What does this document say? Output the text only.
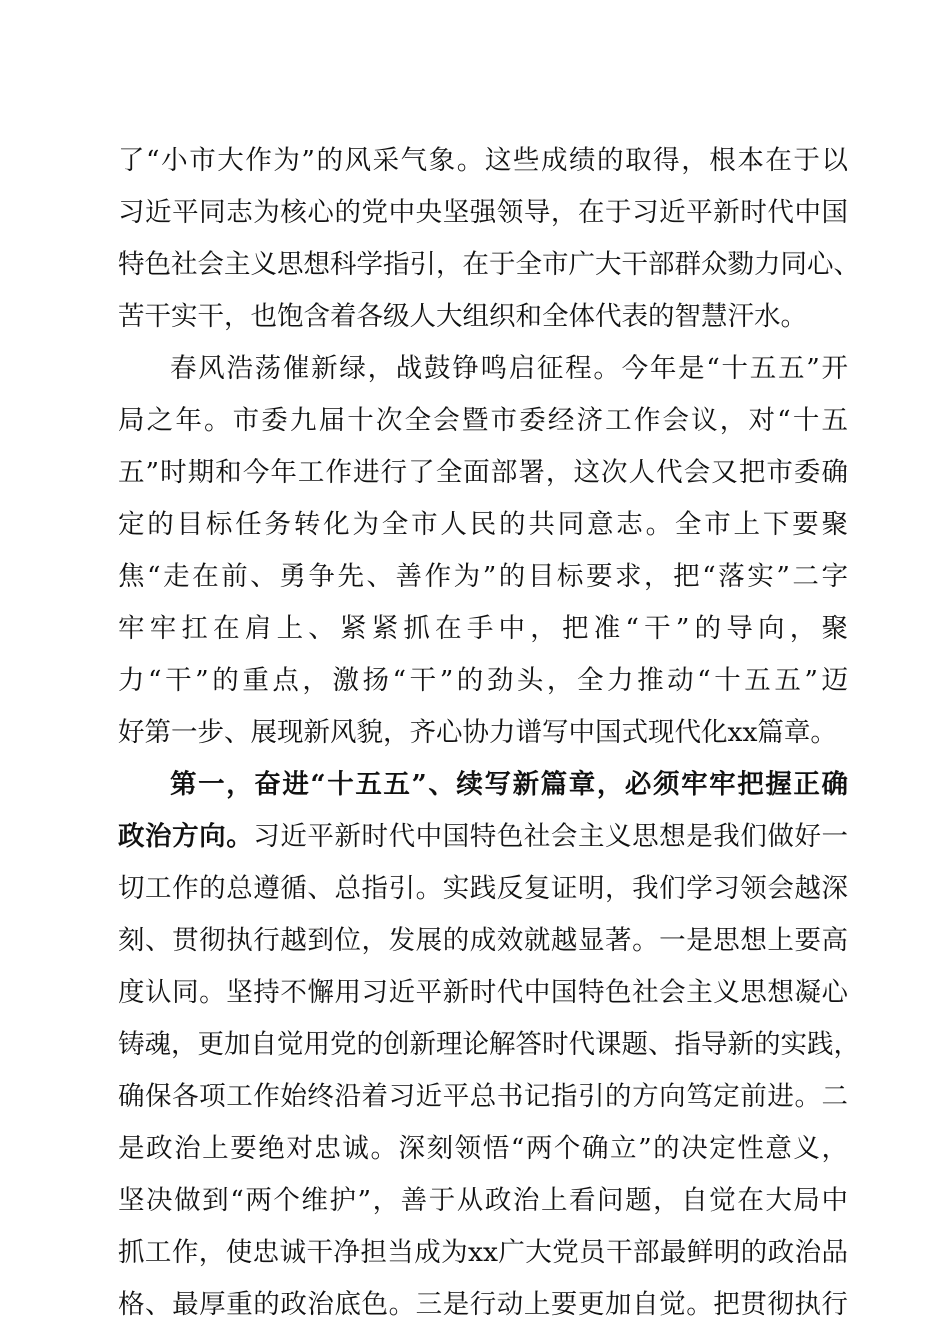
了“小市大作为”的风采气象。这些成绩的取得，根本在于以
习近平同志为核心的党中央坚强领导，在于习近平新时代中国
特色社会主义思想科学指引，在于全市广大干部群众勠力同心、
苦干实干，也饱含着各级人大组织和全体代表的智慧汗水。
春风浩荡催新绿，战鼓铮鸣启征程。今年是“十五五”开
局之年。市委九届十次全会暨市委经济工作会议，对“十五
五”时期和今年工作进行了全面部署，这次人代会又把市委确
定的目标任务转化为全市人民的共同意志。全市上下要聚
焦“走在前、勇争先、善作为”的目标要求，把“落实”二字
牢牢扛在肩上、紧紧抓在手中，把准“干”的导向，聚
力“干”的重点，激扬“干”的劲头，全力推动“十五五”迈
好第一步、展现新风貌，齐心协力谱写中国式现代化xx篇章。
第一，奋进“十五五”、续写新篇章，必须牢牢把握正确
政治方向。习近平新时代中国特色社会主义思想是我们做好一
切工作的总遵循、总指引。实践反复证明，我们学习领会越深
刻、贯彻执行越到位，发展的成效就越显著。一是思想上要高
度认同。坚持不懈用习近平新时代中国特色社会主义思想凝心
铸魂，更加自觉用党的创新理论解答时代课题、指导新的实践，
确保各项工作始终沿着习近平总书记指引的方向笃定前进。二
是政治上要绝对忠诚。深刻领悟“两个确立”的决定性意义，
坚决做到“两个维护”，善于从政治上看问题，自觉在大局中
抓工作，使忠诚干净担当成为xx广大党员干部最鲜明的政治品
格、最厚重的政治底色。三是行动上要更加自觉。把贯彻执行
